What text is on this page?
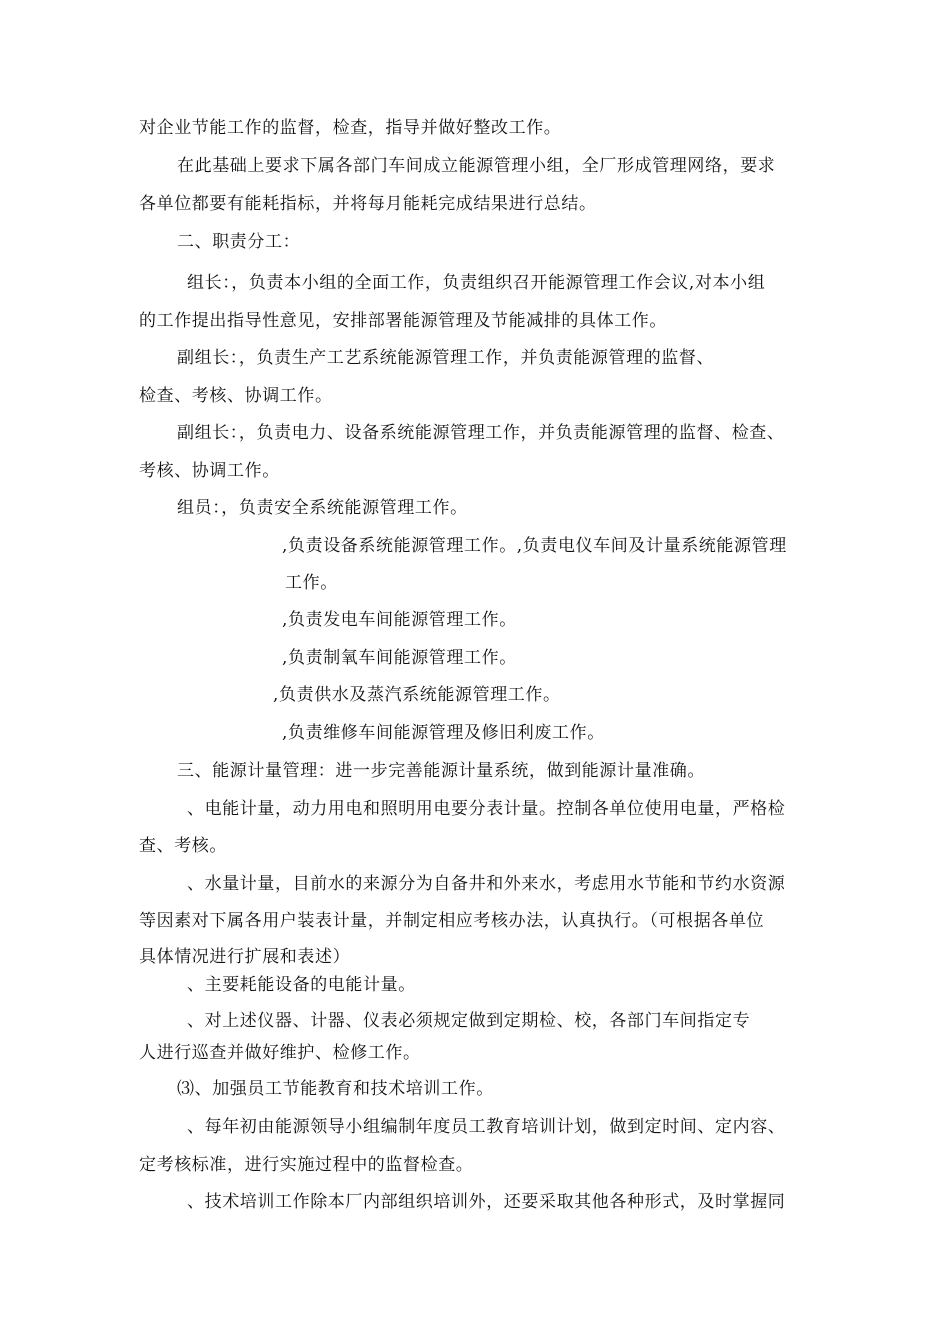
对企业节能工作的监督，检查，指导并做好整改工作。
在此基础上要求下属各部门车间成立能源管理小组，全厂形成管理网络，要求
各单位都要有能耗指标，并将每月能耗完成结果进行总结。
二、职责分工：
组长：，负责本小组的全面工作，负责组织召开能源管理工作会议,对本小组
的工作提出指导性意见，安排部署能源管理及节能减排的具体工作。
副组长：，负责生产工艺系统能源管理工作，并负责能源管理的监督、
检查、考核、协调工作。
副组长：，负责电力、设备系统能源管理工作，并负责能源管理的监督、检查、
考核、协调工作。
组员：，负责安全系统能源管理工作。
,负责设备系统能源管理工作。,负责电仪车间及计量系统能源管理
工作。
,负责发电车间能源管理工作。
,负责制氧车间能源管理工作。
,负责供水及蒸汽系统能源管理工作。
,负责维修车间能源管理及修旧利废工作。
三、能源计量管理：进一步完善能源计量系统，做到能源计量准确。
、电能计量，动力用电和照明用电要分表计量。控制各单位使用电量，严格检
查、考核。
、水量计量，目前水的来源分为自备井和外来水，考虑用水节能和节约水资源
等因素对下属各用户装表计量，并制定相应考核办法，认真执行。（可根据各单位
具体情况进行扩展和表述）
、主要耗能设备的电能计量。
、对上述仪器、计器、仪表必须规定做到定期检、校，各部门车间指定专
人进行巡查并做好维护、检修工作。
⑶、加强员工节能教育和技术培训工作。
、每年初由能源领导小组编制年度员工教育培训计划，做到定时间、定内容、
定考核标准，进行实施过程中的监督检查。
、技术培训工作除本厂内部组织培训外，还要采取其他各种形式，及时掌握同
